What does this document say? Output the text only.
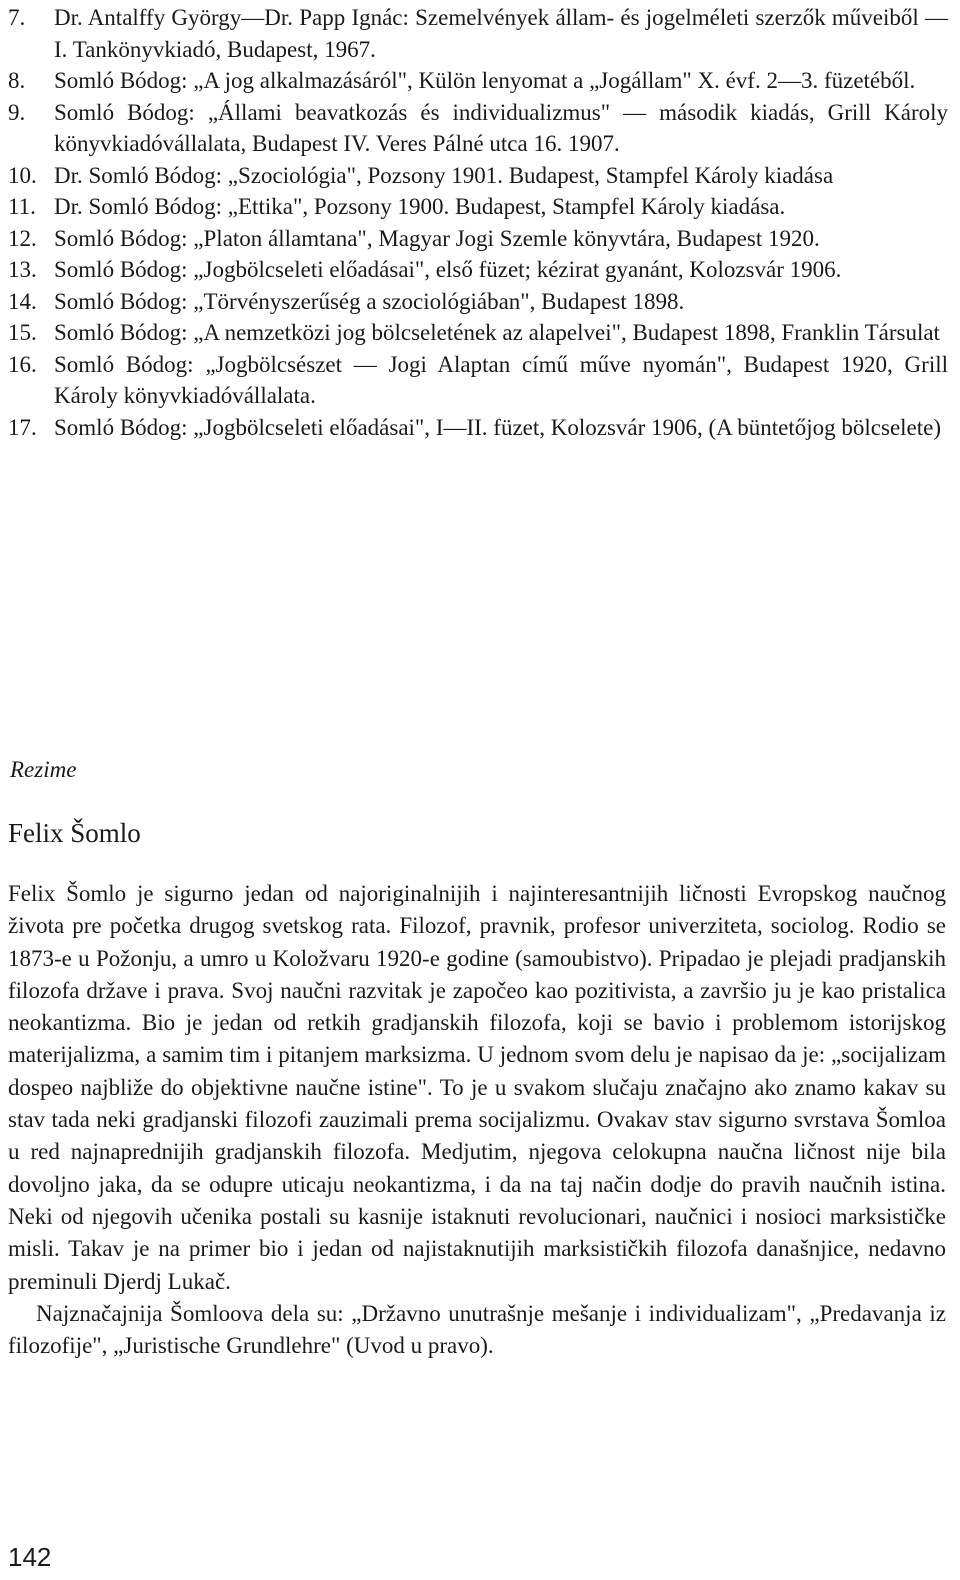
7. Dr. Antalffy György—Dr. Papp Ignác: Szemelvények állam- és jogelméleti szerzők műveiből — I. Tankönyvkiadó, Budapest, 1967.
8. Somló Bódog: „A jog alkalmazásáról", Külön lenyomat a „Jogállam" X. évf. 2—3. füzetéből.
9. Somló Bódog: „Állami beavatkozás és individualizmus" — második kiadás, Grill Károly könyvkiadóvállalata, Budapest IV. Veres Pálné utca 16. 1907.
10. Dr. Somló Bódog: „Szociológia", Pozsony 1901. Budapest, Stampfel Károly kiadása
11. Dr. Somló Bódog: „Ettika", Pozsony 1900. Budapest, Stampfel Károly kiadása.
12. Somló Bódog: „Platon államtana", Magyar Jogi Szemle könyvtára, Budapest 1920.
13. Somló Bódog: „Jogbölcseleti előadásai", első füzet; kézirat gyanánt, Kolozsvár 1906.
14. Somló Bódog: „Törvényszerűség a szociológiában", Budapest 1898.
15. Somló Bódog: „A nemzetközi jog bölcseletének az alapelvei", Budapest 1898, Franklin Társulat
16. Somló Bódog: „Jogbölcsészet — Jogi Alaptan című műve nyomán", Budapest 1920, Grill Károly könyvkiadóvállalata.
17. Somló Bódog: „Jogbölcseleti előadásai", I—II. füzet, Kolozsvár 1906, (A büntetőjog bölcselete)
Rezime
Felix Šomlo

Felix Šomlo je sigurno jedan od najoriginalnijih i najinteresantnijih ličnosti Evropskog naučnog života pre početka drugog svetskog rata. Filozof, pravnik, profesor univerziteta, sociolog. Rodio se 1873-e u Požonju, a umro u Koložvaru 1920-e godine (samoubistvo). Pripadao je plejadi pradjanskih filozofa države i prava. Svoj naučni razvitak je započeo kao pozitivista, a završio ju je kao pristalica neokantizma. Bio je jedan od retkih gradjanskih filozofa, koji se bavio i problemom istorijskog materijalizma, a samim tim i pitanjem marksizma. U jednom svom delu je napisao da je: „socijalizam dospeo najbliže do objektivne naučne istine". To je u svakom slučaju značajno ako znamo kakav su stav tada neki gradjanski filozofi zauzimali prema socijalizmu. Ovakav stav sigurno svrstava Šomloa u red najnaprednijih gradjanskih filozofa. Medjutim, njegova celokupna naučna ličnost nije bila dovoljno jaka, da se odupre uticaju neokantizma, i da na taj način dodje do pravih naučnih istina. Neki od njegovih učenika postali su kasnije istaknuti revolucionari, naučnici i nosioci marksističke misli. Takav je na primer bio i jedan od najistaknutijih marksističkih filozofa današnjice, nedavno preminuli Djerdj Lukač.

Najznačajnija Šomloova dela su: „Državno unutrašnje mešanje i individualizam", „Predavanja iz filozofije", „Juristische Grundlehre" (Uvod u pravo).

142
